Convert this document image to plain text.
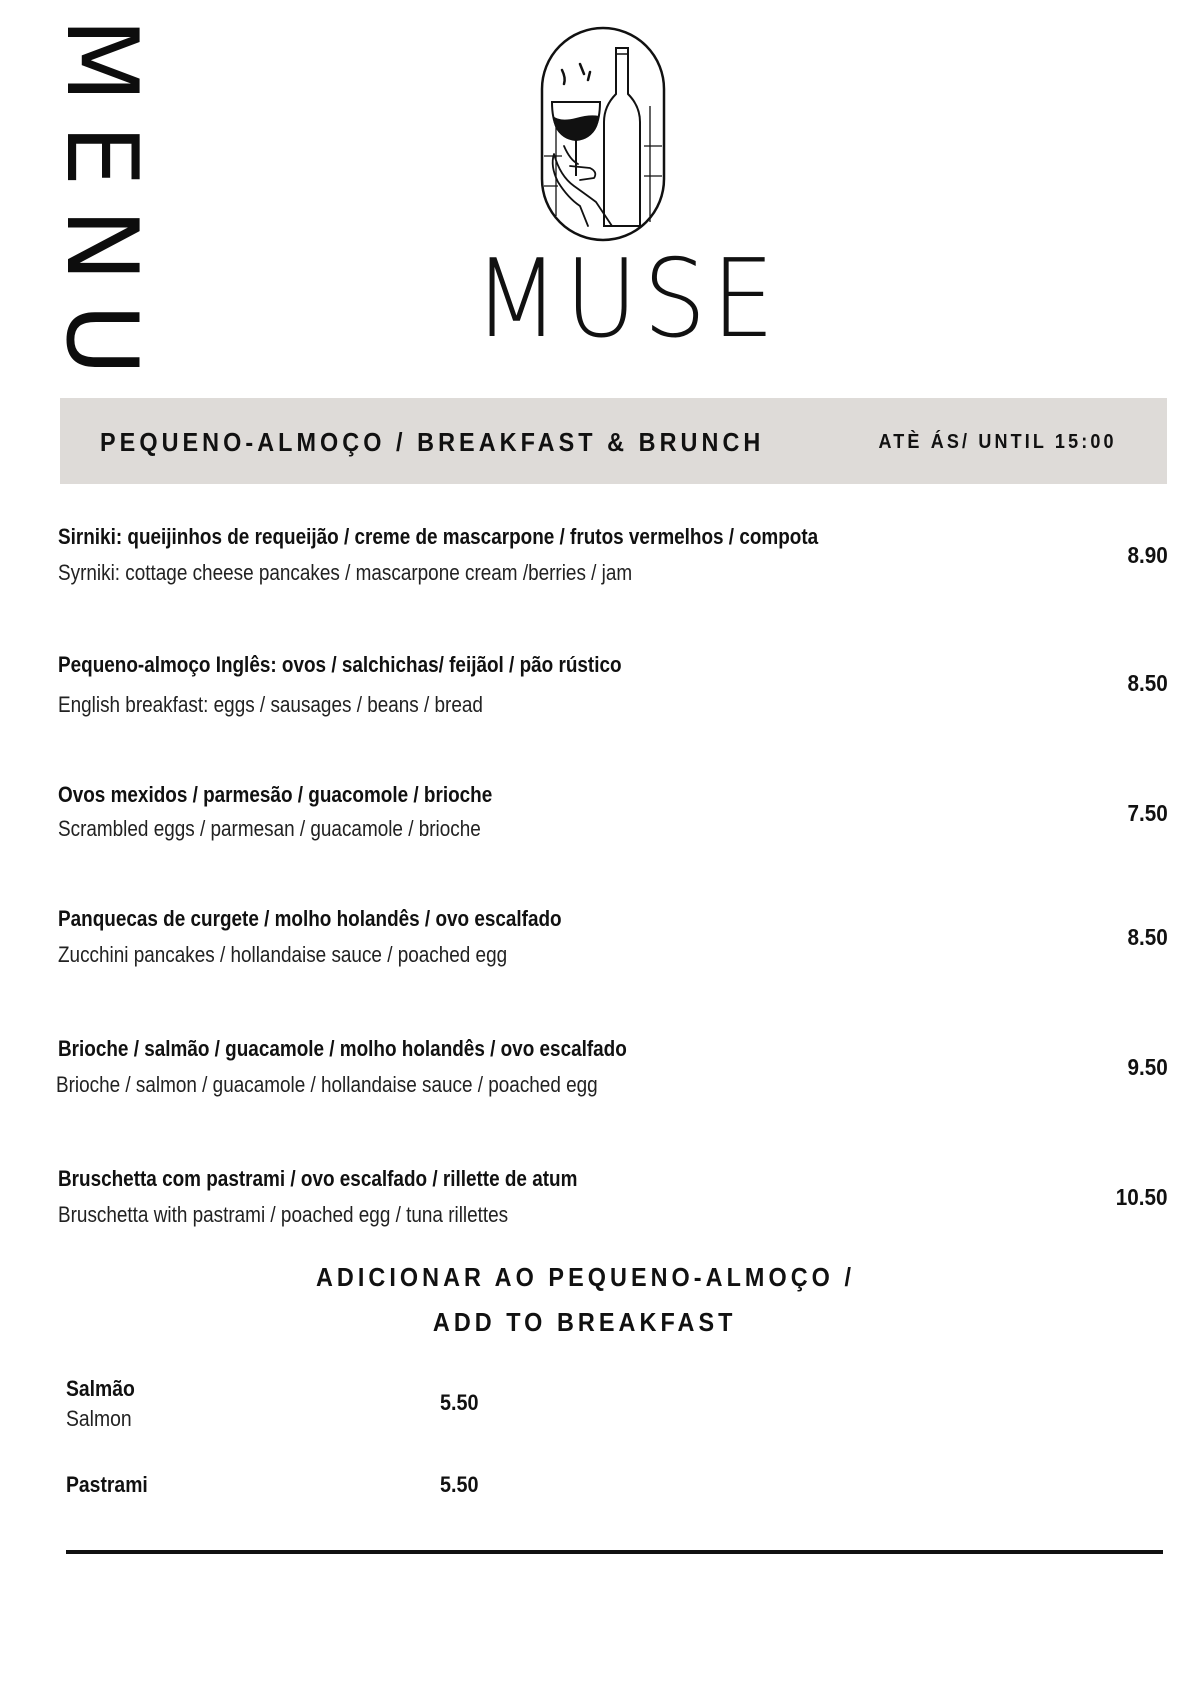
MENU	MUSE
PEQUENO-ALMOÇO / BREAKFAST & BRUNCH	ATÈ ÁS/ UNTIL 15:00
Sirniki: queijinhos de requeijão / creme de mascarpone / frutos vermelhos / compota
Syrniki: cottage cheese pancakes / mascarpone cream /berries / jam
8.90
Pequeno-almoço Inglês: ovos / salchichas/ feijãol / pão rústico
English breakfast: eggs / sausages / beans / bread
8.50
Ovos mexidos / parmesão / guacomole / brioche
Scrambled eggs / parmesan / guacamole / brioche
7.50
Panquecas de curgete / molho holandês / ovo escalfado
Zucchini pancakes / hollandaise sauce / poached egg
8.50
Brioche / salmão / guacamole / molho holandês / ovo escalfado
Brioche / salmon / guacamole / hollandaise sauce / poached egg
9.50
Bruschetta com pastrami / ovo escalfado / rillette de atum
Bruschetta with pastrami / poached egg / tuna rillettes
10.50
ADICIONAR AO PEQUENO-ALMOÇO /
ADD TO BREAKFAST
Salmão
Salmon
5.50
Pastrami	5.50
